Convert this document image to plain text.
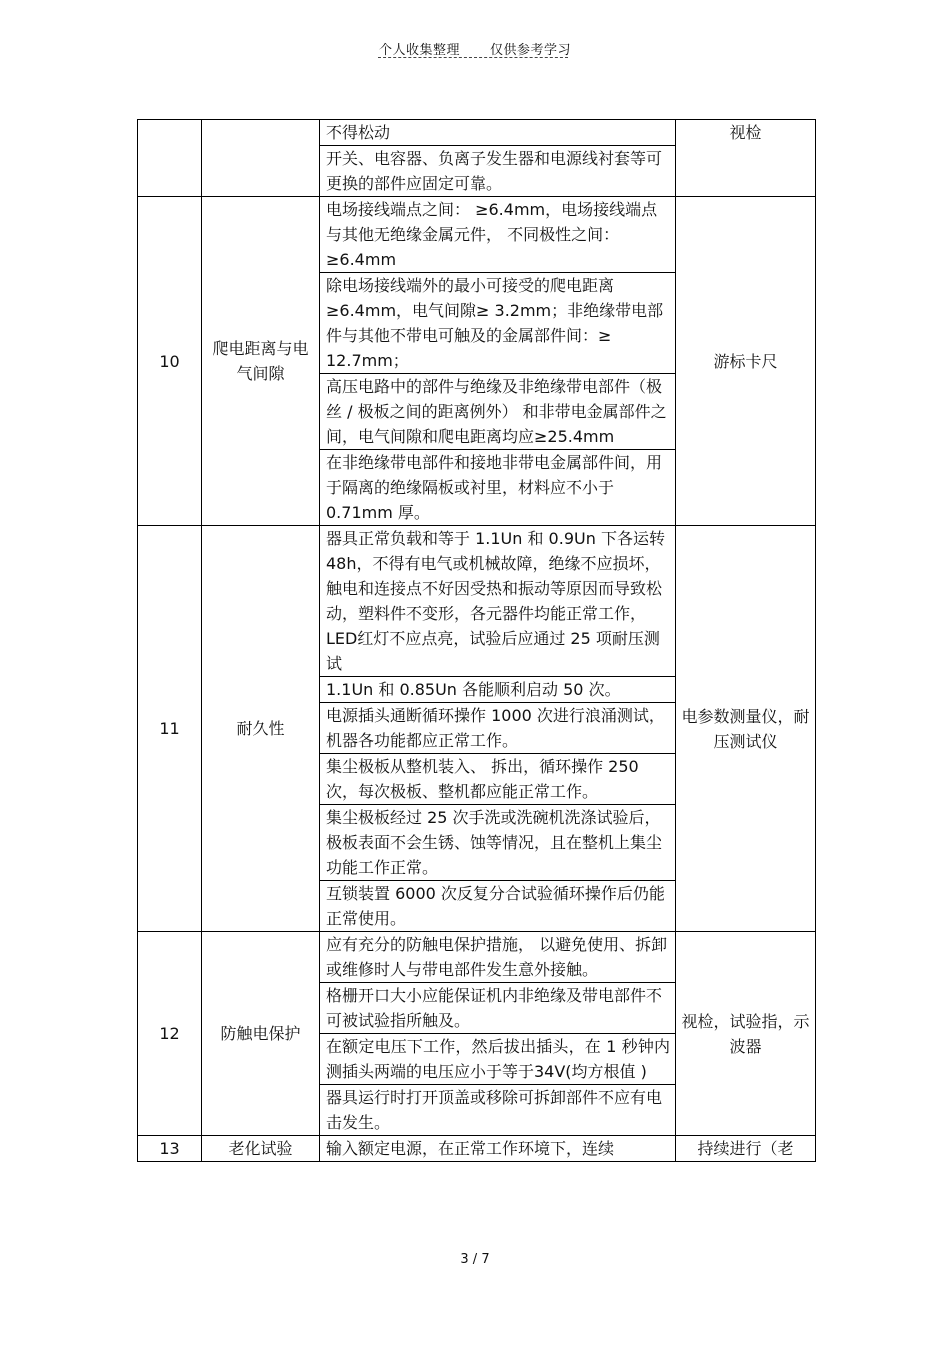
个人收集整理 仅供参考学习
		不得松动	视检
		开关、电容器、负离子发生器和电源线衬套等可更换的部件应固定可靠。	
10	爬电距离与电气间隙	电场接线端点之间： ≥6.4mm，电场接线端点与其他无绝缘金属元件， 不同极性之间：≥6.4mm	游标卡尺
		除电场接线端外的最小可接受的爬电距离≥6.4mm，电气间隙≥ 3.2mm；非绝缘带电部件与其他不带电可触及的金属部件间：≥ 12.7mm；	
		高压电路中的部件与绝缘及非绝缘带电部件（极丝 / 极板之间的距离例外） 和非带电金属部件之间，电气间隙和爬电距离均应≥25.4mm	
		在非绝缘带电部件和接地非带电金属部件间，用于隔离的绝缘隔板或衬里，材料应不小于 0.71mm 厚。	
11	耐久性	器具正常负载和等于 1.1Un 和 0.9Un 下各运转 48h，不得有电气或机械故障，绝缘不应损坏，触电和连接点不好因受热和振动等原因而导致松动，塑料件不变形，各元器件均能正常工作， LED红灯不应点亮，试验后应通过 25 项耐压测试	电参数测量仪，耐压测试仪
		1.1Un 和 0.85Un 各能顺利启动 50 次。	
		电源插头通断循环操作 1000 次进行浪涌测试，机器各功能都应正常工作。	
		集尘极板从整机装入、 拆出，循环操作 250 次，每次极板、整机都应能正常工作。	
		集尘极板经过 25 次手洗或洗碗机洗涤试验后，极板表面不会生锈、蚀等情况，且在整机上集尘功能工作正常。	
		互锁装置 6000 次反复分合试验循环操作后仍能正常使用。	
12	防触电保护	应有充分的防触电保护措施， 以避免使用、拆卸或维修时人与带电部件发生意外接触。	视检，试验指，示波器
		格栅开口大小应能保证机内非绝缘及带电部件不可被试验指所触及。	
		在额定电压下工作，然后拔出插头，在 1 秒钟内测插头两端的电压应小于等于34V(均方根值 )	
		器具运行时打开顶盖或移除可拆卸部件不应有电击发生。	
13	老化试验	输入额定电源，在正常工作环境下，连续	持续进行（老
3 / 7
